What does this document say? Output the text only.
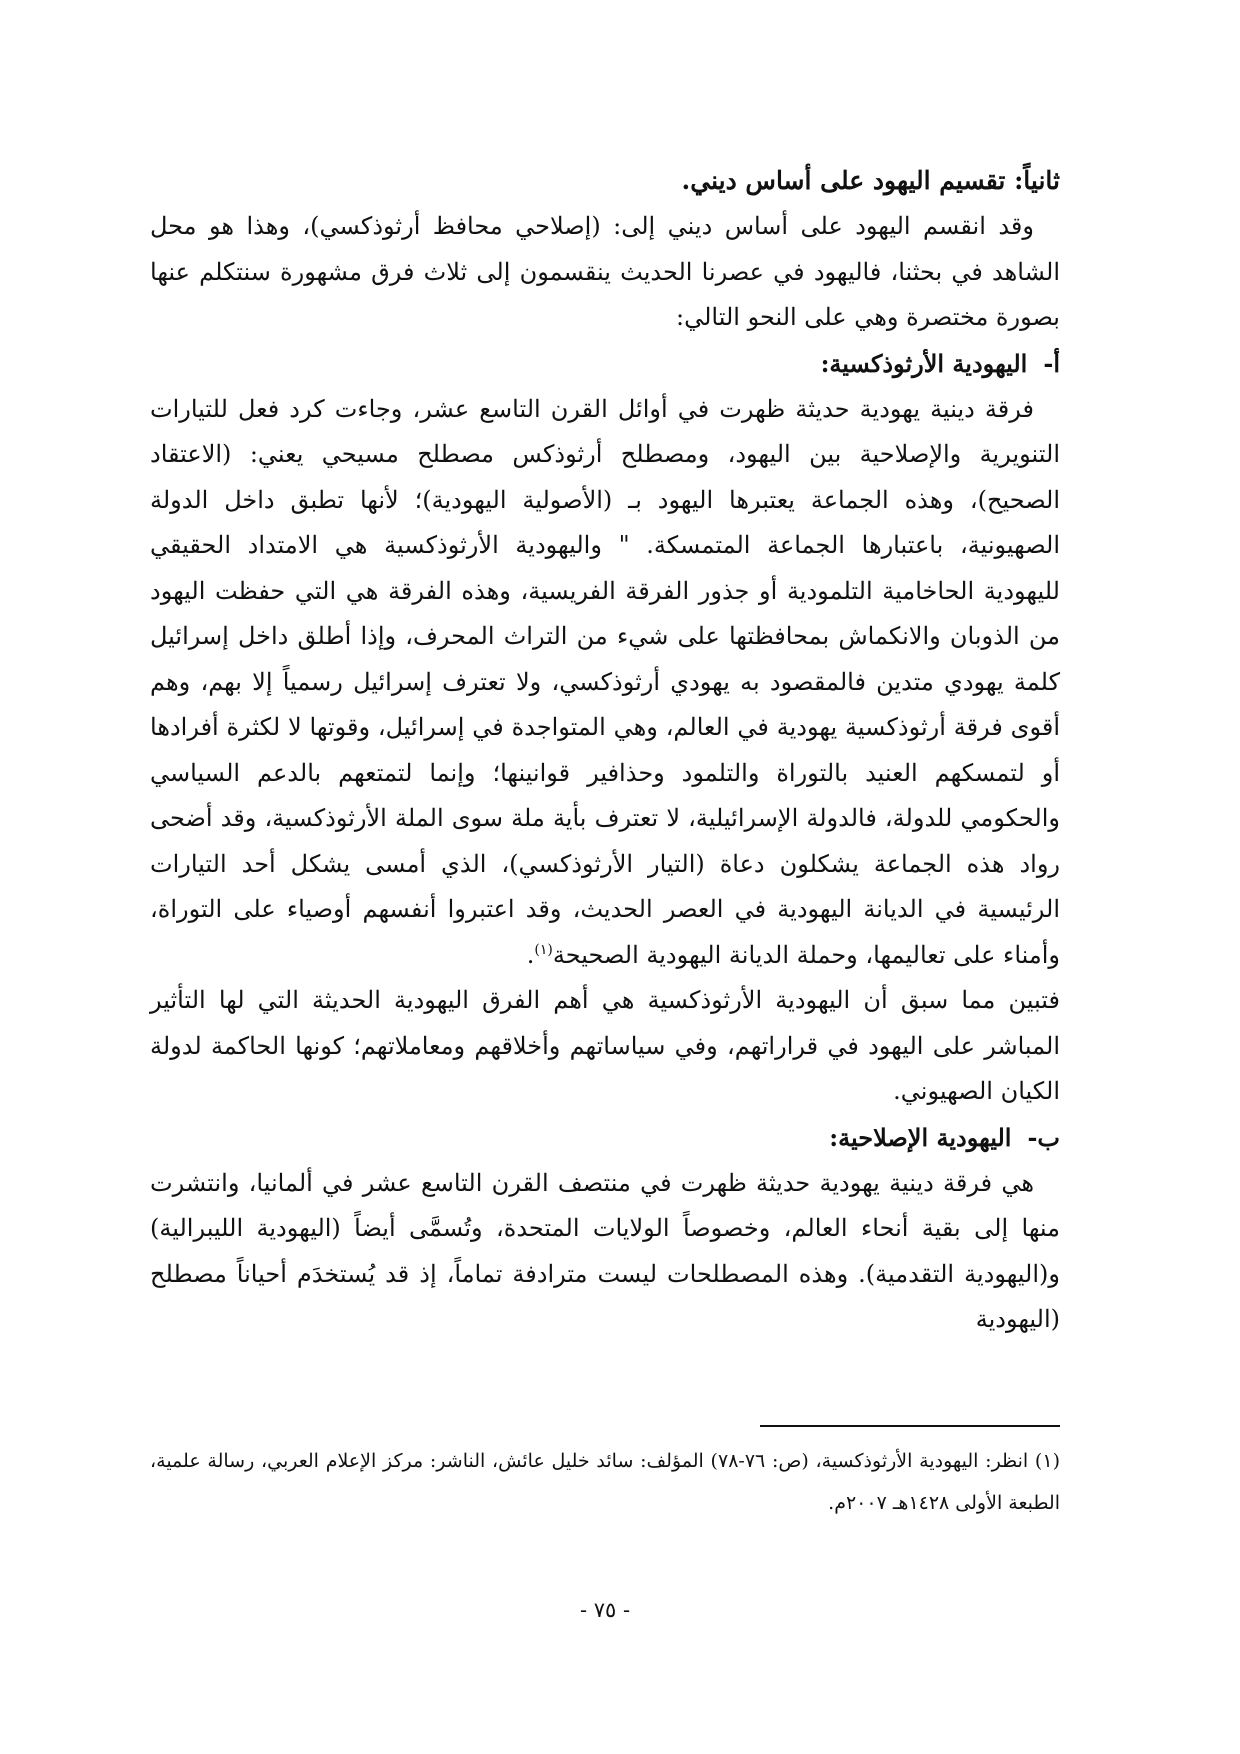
ثانياً: تقسيم اليهود على أساس ديني.

وقد انقسم اليهود على أساس ديني إلى: (إصلاحي محافظ أرثوذكسي)، وهذا هو محل الشاهد في بحثنا، فاليهود في عصرنا الحديث ينقسمون إلى ثلاث فرق مشهورة سنتكلم عنها بصورة مختصرة وهي على النحو التالي:

أ-اليهودية الأرثوذكسية:

فرقة دينية يهودية حديثة ظهرت في أوائل القرن التاسع عشر، وجاءت كرد فعل للتيارات التنويرية والإصلاحية بين اليهود، ومصطلح أرثوذكس مصطلح مسيحي يعني: (الاعتقاد الصحيح)، وهذه الجماعة يعتبرها اليهود بـ (الأصولية اليهودية)؛ لأنها تطبق داخل الدولة الصهيونية، باعتبارها الجماعة المتمسكة. " واليهودية الأرثوذكسية هي الامتداد الحقيقي لليهودية الحاخامية التلمودية أو جذور الفرقة الفريسية، وهذه الفرقة هي التي حفظت اليهود من الذوبان والانكماش بمحافظتها على شيء من التراث المحرف، وإذا أطلق داخل إسرائيل كلمة يهودي متدين فالمقصود به يهودي أرثوذكسي، ولا تعترف إسرائيل رسمياً إلا بهم، وهم أقوى فرقة أرثوذكسية يهودية في العالم، وهي المتواجدة في إسرائيل، وقوتها لا لكثرة أفرادها أو لتمسكهم العنيد بالتوراة والتلمود وحذافير قوانينها؛ وإنما لتمتعهم بالدعم السياسي والحكومي للدولة، فالدولة الإسرائيلية، لا تعترف بأية ملة سوى الملة الأرثوذكسية، وقد أضحى رواد هذه الجماعة يشكلون دعاة (التيار الأرثوذكسي)، الذي أمسى يشكل أحد التيارات الرئيسية في الديانة اليهودية في العصر الحديث، وقد اعتبروا أنفسهم أوصياء على التوراة، وأمناء على تعاليمها، وحملة الديانة اليهودية الصحيحة$^{(١)}$.

فتبين مما سبق أن اليهودية الأرثوذكسية هي أهم الفرق اليهودية الحديثة التي لها التأثير المباشر على اليهود في قراراتهم، وفي سياساتهم وأخلاقهم ومعاملاتهم؛ كونها الحاكمة لدولة الكيان الصهيوني.

ب-اليهودية الإصلاحية:

هي فرقة دينية يهودية حديثة ظهرت في منتصف القرن التاسع عشر في ألمانيا، وانتشرت منها إلى بقية أنحاء العالم، وخصوصاً الولايات المتحدة، وتُسمَّى أيضاً (اليهودية الليبرالية) و(اليهودية التقدمية). وهذه المصطلحات ليست مترادفة تماماً، إذ قد يُستخدَم أحياناً مصطلح (اليهودية

(١) انظر: اليهودية الأرثوذكسية، (ص: ٧٦-٧٨) المؤلف: سائد خليل عائش، الناشر: مركز الإعلام العربي، رسالة علمية، الطبعة الأولى ١٤٢٨هـ ٢٠٠٧م.

- ٧٥ -
